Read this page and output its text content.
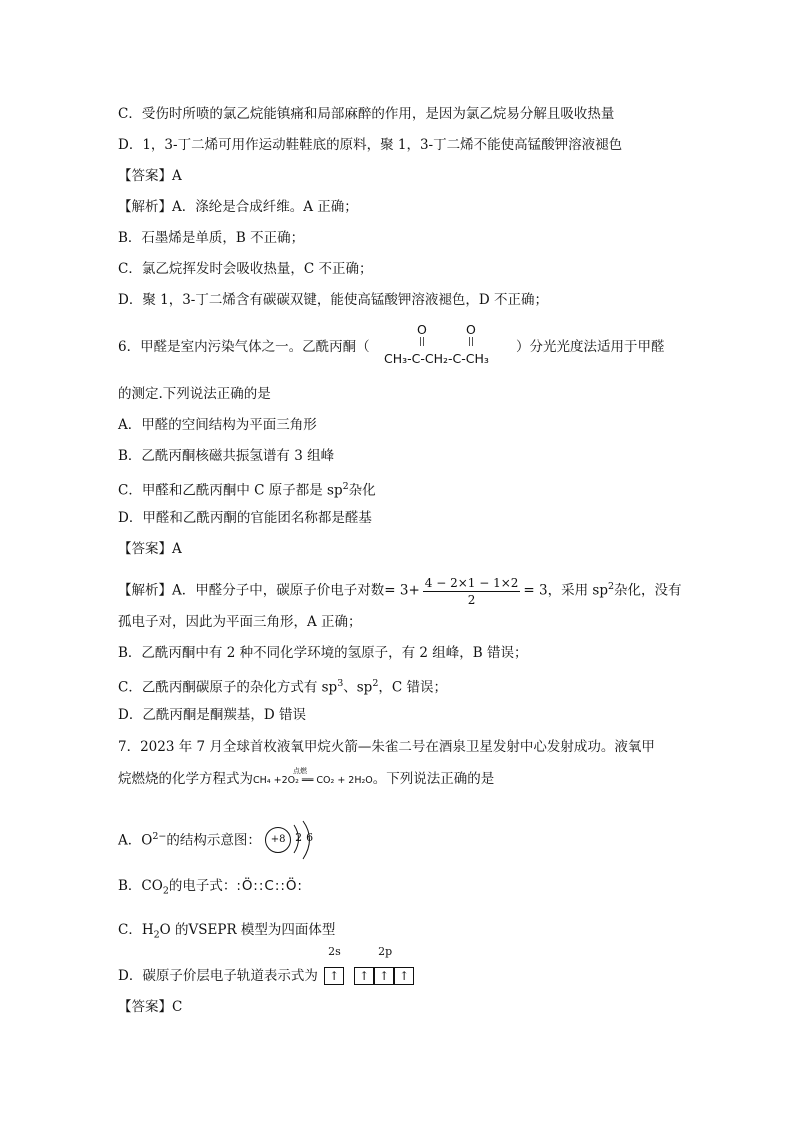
C．受伤时所喷的氯乙烷能镇痛和局部麻醉的作用，是因为氯乙烷易分解且吸收热量
D．1，3-丁二烯可用作运动鞋鞋底的原料，聚 1，3-丁二烯不能使高锰酸钾溶液褪色
【答案】A
【解析】A．涤纶是合成纤维。A 正确；
B．石墨烯是单质，B 不正确；
C．氯乙烷挥发时会吸收热量，C 不正确；
D．聚 1，3-丁二烯含有碳碳双键，能使高锰酸钾溶液褪色，D 不正确；
6．甲醛是室内污染气体之一。乙酰丙酮（
O
||
O
||
CH₃-C-CH₂-C-CH₃
）分光光度法适用于甲醛
的测定.下列说法正确的是
A．甲醛的空间结构为平面三角形
B．乙酰丙酮核磁共振氢谱有 3 组峰
C．甲醛和乙酰丙酮中 C 原子都是 $sp^2$杂化
D．甲醛和乙酰丙酮的官能团名称都是醛基
【答案】A
【解析】A．甲醛分子中，碳原子价电子对数= $3+ \frac{4 - 2\times 1 - 1\times 2}{2} = 3$，采用 $sp^2$杂化，没有
孤电子对，因此为平面三角形，A 正确；
B．乙酰丙酮中有 2 种不同化学环境的氢原子，有 2 组峰，B 错误；
C．乙酰丙酮碳原子的杂化方式有 $sp^3$、$sp^2$，C 错误；
D．乙酰丙酮是酮羰基，D 错误
7．2023 年 7 月全球首枚液氧甲烷火箭—朱雀二号在酒泉卫星发射中心发射成功。液氧甲
烷燃烧的化学方程式为	点燃
CH₄ +2O₂ ══ CO₂ + 2H₂O。下列说法正确的是
A．$O^{2-}$的结构示意图： +8 2 6
B．$CO_2$的电子式：:Ö::C::Ö:
C．$H_2O$ 的VSEPR 模型为四面体型
D．碳原子价层电子轨道表示式为
2s	2p
↑	↑ ↑ ↑
【答案】C
